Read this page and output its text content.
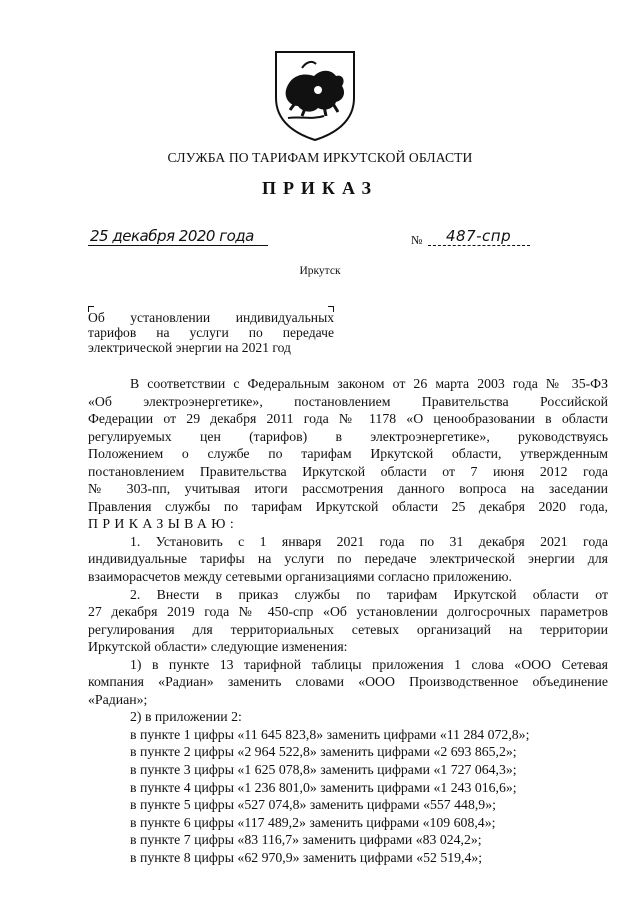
СЛУЖБА ПО ТАРИФАМ ИРКУТСКОЙ ОБЛАСТИ
ПРИКАЗ
25 декабря 2020 года	№	487-спр
Иркутск
Об установлении индивидуальных
тарифов на услуги по передаче
электрической энергии на 2021 год

В соответствии с Федеральным законом от 26 марта 2003 года № 35-ФЗ

«Об электроэнергетике», постановлением Правительства Российской

Федерации от 29 декабря 2011 года № 1178 «О ценообразовании в области

регулируемых цен (тарифов) в электроэнергетике», руководствуясь

Положением о службе по тарифам Иркутской области, утвержденным

постановлением Правительства Иркутской области от 7 июня 2012 года

№ 303-пп, учитывая итоги рассмотрения данного вопроса на заседании

Правления службы по тарифам Иркутской области 25 декабря 2020 года,

ПРИКАЗЫВАЮ:

1. Установить с 1 января 2021 года по 31 декабря 2021 года

индивидуальные тарифы на услуги по передаче электрической энергии для

взаиморасчетов между сетевыми организациями согласно приложению.

2. Внести в приказ службы по тарифам Иркутской области от

27 декабря 2019 года № 450-спр «Об установлении долгосрочных параметров

регулирования для территориальных сетевых организаций на территории

Иркутской области» следующие изменения:

1) в пункте 13 тарифной таблицы приложения 1 слова «ООО Сетевая

компания «Радиан» заменить словами «ООО Производственное объединение

«Радиан»;

2) в приложении 2:

в пункте 1 цифры «11 645 823,8» заменить цифрами «11 284 072,8»;

в пункте 2 цифры «2 964 522,8» заменить цифрами «2 693 865,2»;

в пункте 3 цифры «1 625 078,8» заменить цифрами «1 727 064,3»;

в пункте 4 цифры «1 236 801,0» заменить цифрами «1 243 016,6»;

в пункте 5 цифры «527 074,8» заменить цифрами «557 448,9»;

в пункте 6 цифры «117 489,2» заменить цифрами «109 608,4»;

в пункте 7 цифры «83 116,7» заменить цифрами «83 024,2»;

в пункте 8 цифры «62 970,9» заменить цифрами «52 519,4»;
